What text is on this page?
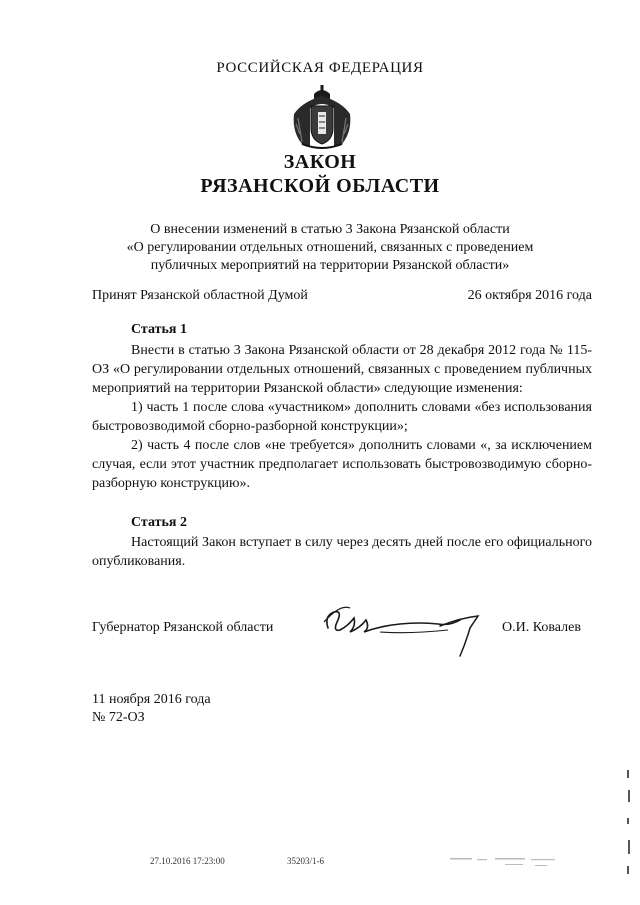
РОССИЙСКАЯ ФЕДЕРАЦИЯ
ЗАКОН
РЯЗАНСКОЙ ОБЛАСТИ
О внесении изменений в статью 3 Закона Рязанской области
«О регулировании отдельных отношений, связанных с проведением
публичных мероприятий на территории Рязанской области»
Принят Рязанской областной Думой	26 октября 2016 года
Статья 1
Внести в статью 3 Закона Рязанской области от 28 декабря 2012 года № 115-ОЗ «О регулировании отдельных отношений, связанных с проведением публичных мероприятий на территории Рязанской области» следующие изменения:
1) часть 1 после слова «участником» дополнить словами «без использования быстровозводимой сборно-разборной конструкции»;
2) часть 4 после слов «не требуется» дополнить словами «, за исключением случая, если этот участник предполагает использовать быстровозводимую сборно-разборную конструкцию».
Статья 2
Настоящий Закон вступает в силу через десять дней после его официального опубликования.
Губернатор Рязанской области	О.И. Ковалев
11 ноября 2016 года
№ 72-ОЗ
27.10.2016 17:23:00	35203/1-6
